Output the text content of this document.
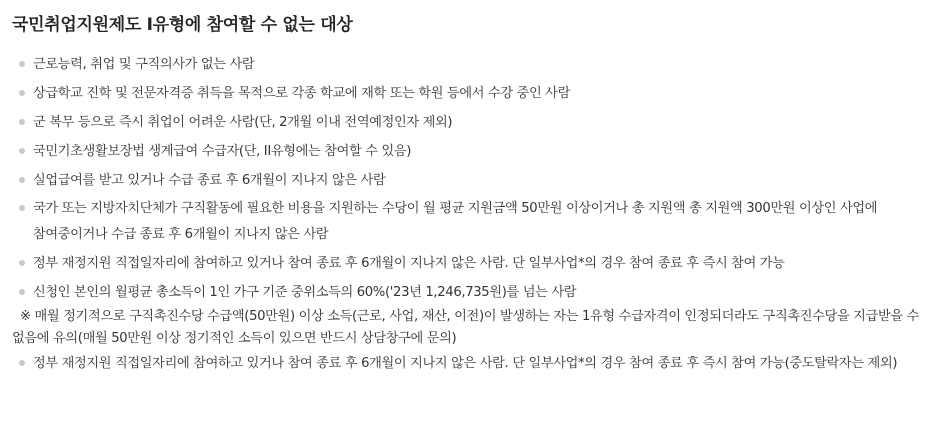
국민취업지원제도 I유형에 참여할 수 없는 대상
근로능력, 취업 및 구직의사가 없는 사람
상급학교 진학 및 전문자격증 취득을 목적으로 각종 학교에 재학 또는 학원 등에서 수강 중인 사람
군 복무 등으로 즉시 취업이 어려운 사람(단, 2개월 이내 전역예정인자 제외)
국민기초생활보장법 생계급여 수급자(단, II유형에는 참여할 수 있음)
실업급여를 받고 있거나 수급 종료 후 6개월이 지나지 않은 사람
국가 또는 지방자치단체가 구직활동에 필요한 비용을 지원하는 수당이 월 평균 지원금액 50만원 이상이거나 총 지원액 총 지원액 300만원 이상인 사업에 참여중이거나 수급 종료 후 6개월이 지나지 않은 사람
정부 재정지원 직접일자리에 참여하고 있거나 참여 종료 후 6개월이 지나지 않은 사람. 단 일부사업*의 경우 참여 종료 후 즉시 참여 가능
신청인 본인의 월평균 총소득이 1인 가구 기준 중위소득의 60%('23년 1,246,735원)를 넘는 사람

※ 매월 정기적으로 구직촉진수당 수급액(50만원) 이상 소득(근로, 사업, 재산, 이전)이 발생하는 자는 1유형 수급자격이 인정되더라도 구직촉진수당을 지급받을 수 없음에 유의(매월 50만원 이상 정기적인 소득이 있으면 반드시 상담창구에 문의)

정부 재정지원 직접일자리에 참여하고 있거나 참여 종료 후 6개월이 지나지 않은 사람. 단 일부사업*의 경우 참여 종료 후 즉시 참여 가능(중도탈락자는 제외)
